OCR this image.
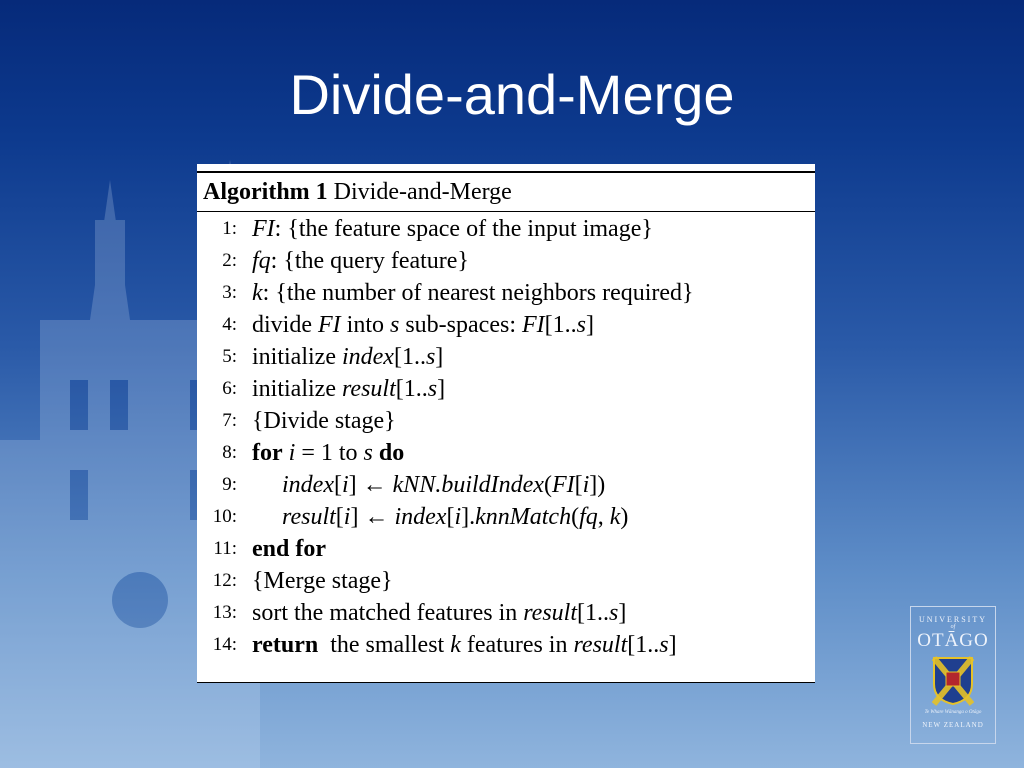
Divide-and-Merge
Algorithm 1 Divide-and-Merge
1: FI: {the feature space of the input image}
2: fq: {the query feature}
3: k: {the number of nearest neighbors required}
4: divide FI into s sub-spaces: FI[1..s]
5: initialize index[1..s]
6: initialize result[1..s]
7: {Divide stage}
8: for i = 1 to s do
9: index[i] ← kNN.buildIndex(FI[i])
10: result[i] ← index[i].knnMatch(fq, k)
11: end for
12: {Merge stage}
13: sort the matched features in result[1..s]
14: return  the smallest k features in result[1..s]
UNIVERSITY
of
OTĀGO
Te Whare Wānanga o Otāgo
NEW ZEALAND
